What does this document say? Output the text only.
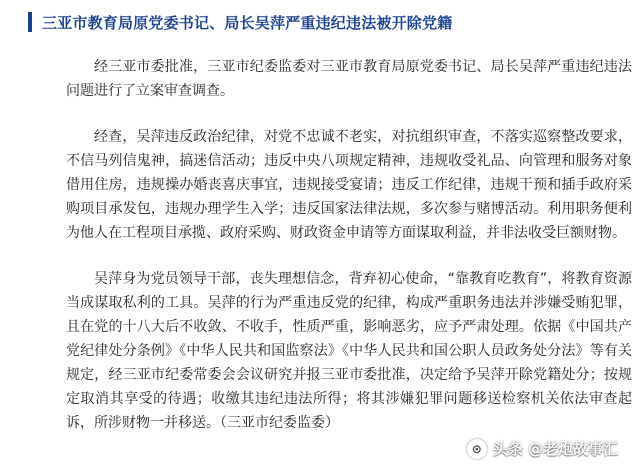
三亚市教育局原党委书记、局长吴萍严重违纪违法被开除党籍

经三亚市委批准，三亚市纪委监委对三亚市教育局原党委书记、局长吴萍严重违纪违法问题进行了立案审查调查。

经查，吴萍违反政治纪律，对党不忠诚不老实，对抗组织审查，不落实巡察整改要求，不信马列信鬼神，搞迷信活动；违反中央八项规定精神，违规收受礼品、向管理和服务对象借用住房，违规操办婚丧喜庆事宜，违规接受宴请；违反工作纪律，违规干预和插手政府采购项目承发包，违规办理学生入学；违反国家法律法规，多次参与赌博活动。利用职务便利为他人在工程项目承揽、政府采购、财政资金申请等方面谋取利益，并非法收受巨额财物。

吴萍身为党员领导干部，丧失理想信念，背弃初心使命，“靠教育吃教育”，将教育资源当成谋取私利的工具。吴萍的行为严重违反党的纪律，构成严重职务违法并涉嫌受贿犯罪，且在党的十八大后不收敛、不收手，性质严重，影响恶劣，应予严肃处理。依据《中国共产党纪律处分条例》《中华人民共和国监察法》《中华人民共和国公职人员政务处分法》等有关规定，经三亚市纪委常委会会议研究并报三亚市委批准，决定给予吴萍开除党籍处分；按规定取消其享受的待遇；收缴其违纪违法所得；将其涉嫌犯罪问题移送检察机关依法审查起诉，所涉财物一并移送。（三亚市纪委监委）

⊙ 头条 @老炮故事汇
